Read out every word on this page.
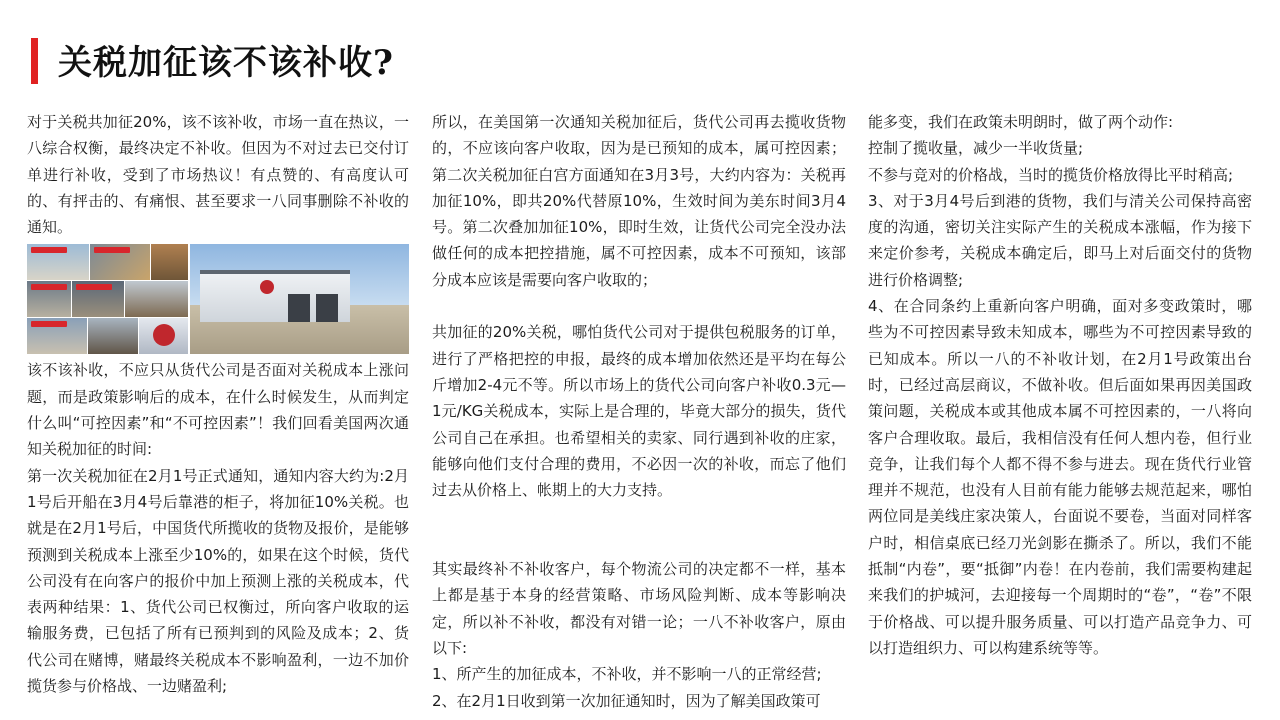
关税加征该不该补收?

对于关税共加征20%，该不该补收，市场一直在热议，一八综合权衡，最终决定不补收。但因为不对过去已交付订单进行补收，受到了市场热议！有点赞的、有高度认可的、有抨击的、有痛恨、甚至要求一八同事删除不补收的通知。

该不该补收，不应只从货代公司是否面对关税成本上涨问题，而是政策影响后的成本，在什么时候发生，从而判定什么叫“可控因素”和“不可控因素”！我们回看美国两次通知关税加征的时间:

第一次关税加征在2月1号正式通知，通知内容大约为:2月1号后开船在3月4号后靠港的柜子，将加征10%关税。也就是在2月1号后，中国货代所揽收的货物及报价，是能够预测到关税成本上涨至少10%的，如果在这个时候，货代公司没有在向客户的报价中加上预测上涨的关税成本，代表两种结果：1、货代公司已权衡过，所向客户收取的运输服务费，已包括了所有已预判到的风险及成本；2、货代公司在赌博，赌最终关税成本不影响盈利，一边不加价揽货参与价格战、一边赌盈利;

所以，在美国第一次通知关税加征后，货代公司再去揽收货物的，不应该向客户收取，因为是已预知的成本，属可控因素；第二次关税加征白宫方面通知在3月3号，大约内容为：关税再加征10%，即共20%代替原10%，生效时间为美东时间3月4号。第二次叠加加征10%，即时生效，让货代公司完全没办法做任何的成本把控措施，属不可控因素，成本不可预知，该部分成本应该是需要向客户收取的；

共加征的20%关税，哪怕货代公司对于提供包税服务的订单，进行了严格把控的申报，最终的成本增加依然还是平均在每公斤增加2-4元不等。所以市场上的货代公司向客户补收0.3元—1元/KG关税成本，实际上是合理的，毕竟大部分的损失，货代公司自己在承担。也希望相关的卖家、同行遇到补收的庄家，能够向他们支付合理的费用，不必因一次的补收，而忘了他们过去从价格上、帐期上的大力支持。

其实最终补不补收客户，每个物流公司的决定都不一样，基本上都是基于本身的经营策略、市场风险判断、成本等影响决定，所以补不补收，都没有对错一论；一八不补收客户，原由以下:

1、所产生的加征成本，不补收，并不影响一八的正常经营;

2、在2月1日收到第一次加征通知时，因为了解美国政策可

能多变，我们在政策未明朗时，做了两个动作:

控制了揽收量，减少一半收货量;

不参与竞对的价格战，当时的揽货价格放得比平时稍高;

3、对于3月4号后到港的货物，我们与清关公司保持高密度的沟通，密切关注实际产生的关税成本涨幅，作为接下来定价参考，关税成本确定后，即马上对后面交付的货物进行价格调整;

4、在合同条约上重新向客户明确，面对多变政策时，哪些为不可控因素导致未知成本，哪些为不可控因素导致的已知成本。所以一八的不补收计划，在2月1号政策出台时，已经过高层商议，不做补收。但后面如果再因美国政策问题，关税成本或其他成本属不可控因素的，一八将向客户合理收取。最后，我相信没有任何人想内卷，但行业竞争，让我们每个人都不得不参与进去。现在货代行业管理并不规范，也没有人目前有能力能够去规范起来，哪怕两位同是美线庄家决策人，台面说不要卷，当面对同样客户时，相信桌底已经刀光剑影在撕杀了。所以，我们不能抵制“内卷”，要“抵御”内卷！在内卷前，我们需要构建起来我们的护城河，去迎接每一个周期时的“卷”，“卷”不限于价格战、可以提升服务质量、可以打造产品竞争力、可以打造组织力、可以构建系统等等。
